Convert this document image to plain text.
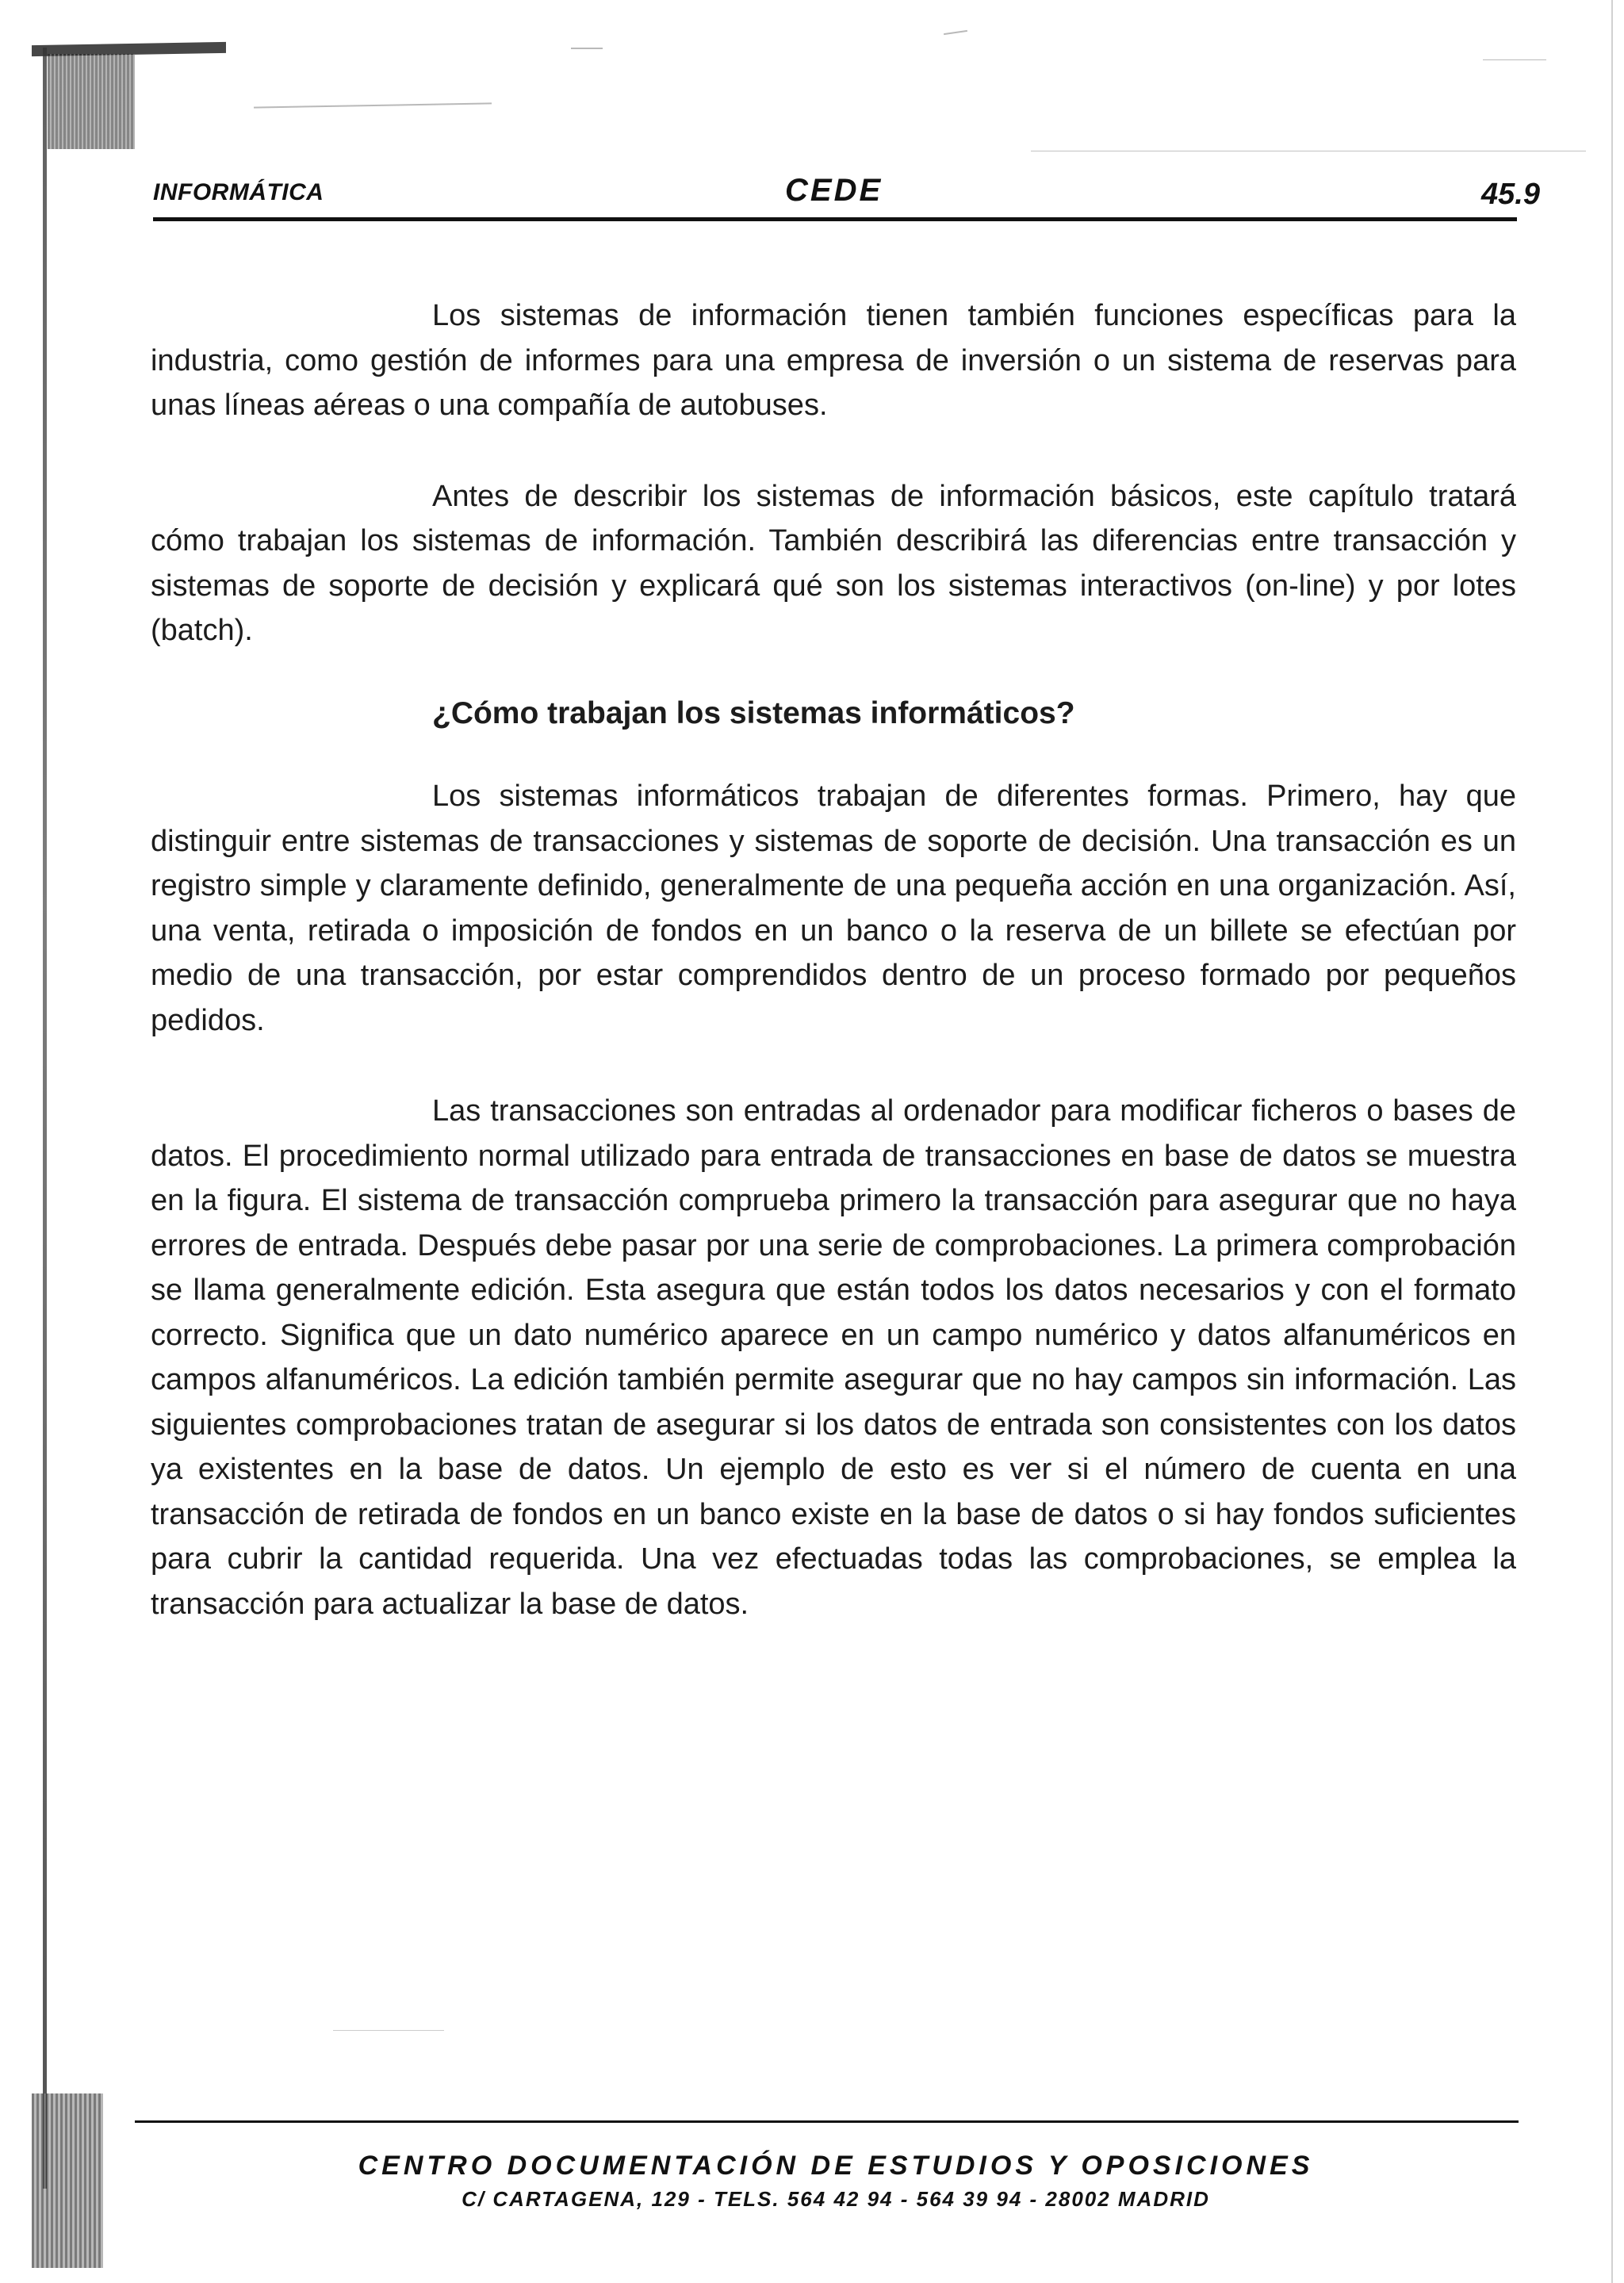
INFORMÁTICA	CEDE	45.9

Los sistemas de información tienen también funciones específicas para la industria, como gestión de informes para una empresa de inversión o un sistema de reservas para unas líneas aéreas o una compañía de autobuses.

Antes de describir los sistemas de información básicos, este capítulo tratará cómo trabajan los sistemas de información. También describirá las diferencias entre transacción y sistemas de soporte de decisión y explicará qué son los sistemas interactivos (on-line) y por lotes (batch).

¿Cómo trabajan los sistemas informáticos?

Los sistemas informáticos trabajan de diferentes formas. Primero, hay que distinguir entre sistemas de transacciones y sistemas de soporte de decisión. Una transacción es un registro simple y claramente definido, generalmente de una pequeña acción en una organización. Así, una venta, retirada o imposición de fondos en un banco o la reserva de un billete se efectúan por medio de una transacción, por estar comprendidos dentro de un proceso formado por pequeños pedidos.

Las transacciones son entradas al ordenador para modificar ficheros o bases de datos. El procedimiento normal utilizado para entrada de transacciones en base de datos se muestra en la figura. El sistema de transacción comprueba primero la transacción para asegurar que no haya errores de entrada. Después debe pasar por una serie de comprobaciones. La primera comprobación se llama generalmente edición. Esta asegura que están todos los datos necesarios y con el formato correcto. Significa que un dato numérico aparece en un campo numérico y datos alfanuméricos en campos alfanuméricos. La edición también permite asegurar que no hay campos sin información. Las siguientes comprobaciones tratan de asegurar si los datos de entrada son consistentes con los datos ya existentes en la base de datos. Un ejemplo de esto es ver si el número de cuenta en una transacción de retirada de fondos en un banco existe en la base de datos o si hay fondos suficientes para cubrir la cantidad requerida. Una vez efectuadas todas las comprobaciones, se emplea la transacción para actualizar la base de datos.

CENTRO DOCUMENTACIÓN DE ESTUDIOS Y OPOSICIONES
C/ CARTAGENA, 129 - TELS. 564 42 94 - 564 39 94 - 28002 MADRID
